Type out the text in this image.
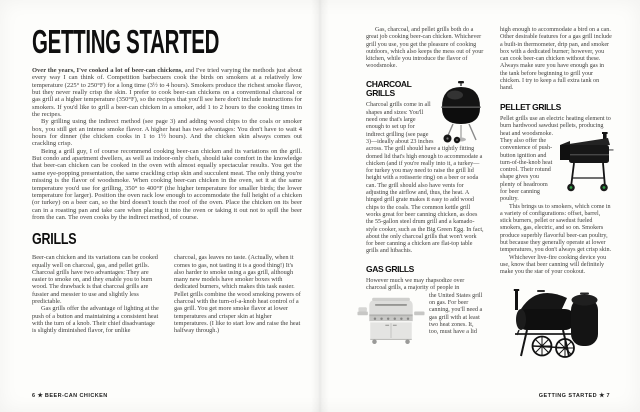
GETTING STARTED

Over the years, I've cooked a lot of beer-can chickens, and I've tried varying the methods just about every way I can think of. Competition barbecuers cook the birds on smokers at a relatively low temperature (225° to 250°F) for a long time (3½ to 4 hours). Smokers produce the richest smoke flavor, but they never really crisp the skin. I prefer to cook beer-can chickens on a conventional charcoal or gas grill at a higher temperature (350°F), so the recipes that you'll see here don't include instructions for smokers. If you'd like to grill a beer-can chicken in a smoker, add 1 to 2 hours to the cooking times in the recipes.

By grilling using the indirect method (see page 3) and adding wood chips to the coals or smoker box, you still get an intense smoke flavor. A higher heat has two advantages: You don't have to wait 4 hours for dinner (the chicken cooks in 1 to 1½ hours). And the chicken skin always comes out crackling crisp.

Being a grill guy, I of course recommend cooking beer-can chicken and its variations on the grill. But condo and apartment dwellers, as well as indoor-only chefs, should take comfort in the knowledge that beer-can chicken can be cooked in the oven with almost equally spectacular results. You get the same eye-popping presentation, the same crackling crisp skin and succulent meat. The only thing you're missing is the flavor of woodsmoke. When cooking beer-can chicken in the oven, set it at the same temperature you'd use for grilling, 350° to 400°F (the higher temperature for smaller birds; the lower temperature for larger). Position the oven rack low enough to accommodate the full height of a chicken (or turkey) on a beer can, so the bird doesn't touch the roof of the oven. Place the chicken on its beer can in a roasting pan and take care when placing it into the oven or taking it out not to spill the beer from the can. The oven cooks by the indirect method, of course.

GRILLS

Beer-can chicken and its variations can be cooked equally well on charcoal, gas, and pellet grills. Charcoal grills have two advantages: They are easier to smoke on, and they enable you to burn wood. The drawback is that charcoal grills are fussier and messier to use and slightly less predictable.

Gas grills offer the advantage of lighting at the push of a button and maintaining a consistent heat with the turn of a knob. Their chief disadvantage is slightly diminished flavor, for unlike

charcoal, gas leaves no taste. (Actually, when it comes to gas, not tasting it is a good thing!) It's also harder to smoke using a gas grill, although many new models have smoker boxes with dedicated burners, which makes this task easier. Pellet grills combine the wood smoking powers of charcoal with the turn-of-a-knob heat control of a gas grill. You get more smoke flavor at lower temperatures and crisper skin at higher temperatures. (I like to start low and raise the heat halfway through.)

6 ★ BEER-CAN CHICKEN

Gas, charcoal, and pellet grills both do a great job cooking beer-can chicken. Whichever grill you use, you get the pleasure of cooking outdoors, which also keeps the mess out of your kitchen, while you introduce the flavor of woodsmoke.

CHARCOAL GRILLS

Charcoal grills come in all shapes and sizes: You'll need one that's large enough to set up for indirect grilling (see page 3)—ideally about 23 inches across. The grill should have a tightly fitting domed lid that's high enough to accommodate a chicken (and if you're really into it, a turkey—for turkey you may need to raise the grill lid height with a rotisserie ring) on a beer or soda can. The grill should also have vents for adjusting the airflow and, thus, the heat. A hinged grill grate makes it easy to add wood chips to the coals. The common kettle grill works great for beer canning chicken, as does the 55-gallon steel drum grill and a kamado-style cooker, such as the Big Green Egg. In fact, about the only charcoal grills that won't work for beer canning a chicken are flat-top table grills and hibachis.

GAS GRILLS

However much we may rhapsodize over charcoal grills, a majority of people in

the United States grill on gas. For beer canning, you'll need a gas grill with at least two heat zones. It, too, must have a lid

high enough to accommodate a bird on a can. Other desirable features for a gas grill include a built-in thermometer, drip pan, and smoker box with a dedicated burner; however, you can cook beer-can chicken without these. Always make sure you have enough gas in the tank before beginning to grill your chicken. I try to keep a full extra tank on hand.

PELLET GRILLS

Pellet grills use an electric heating element to burn hardwood sawdust pellets, producing heat and woodsmoke. They also offer the convenience of push-button ignition and turn-of-the-knob heat control. Their rotund shape gives you plenty of headroom for beer canning poultry.

This brings us to smokers, which come in a variety of configurations: offset, barrel, stick burners, pellet or sawdust fueled smokers, gas, electric, and so on. Smokers produce superbly flavorful beer-can poultry, but because they generally operate at lower temperatures, you don't always get crisp skin.

Whichever live-fire cooking device you use, know that beer canning will definitely make you the star of your cookout.

GETTING STARTED ★ 7
